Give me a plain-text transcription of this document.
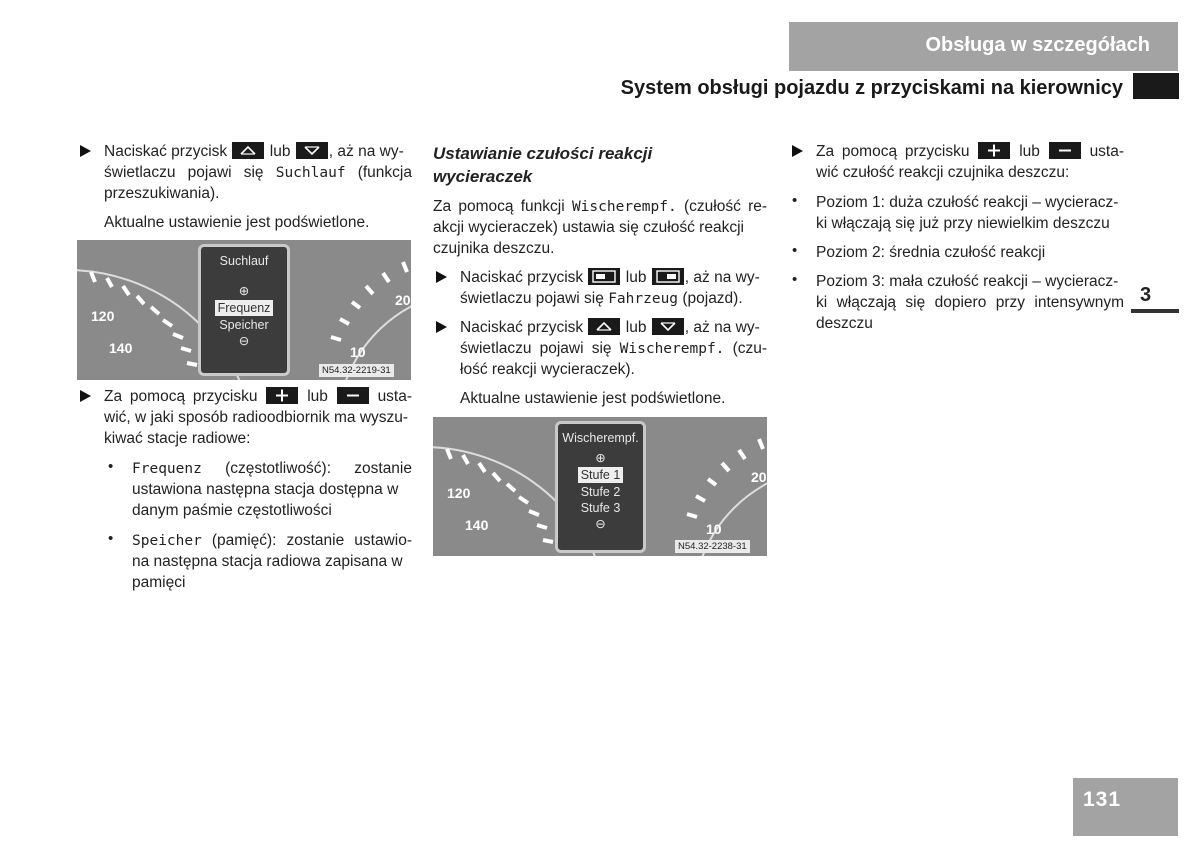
Obsługa w szczegółach
System obsługi pojazdu z przyciskami na kierownicy
3
131
Naciskać przycisk	lub , aż na wy-
świetlaczu pojawi się Suchlauf (funkcja
przeszukiwania).
Aktualne ustawienie jest podświetlone.
120
140
20
10
Suchlauf
⊕
Frequenz
Speicher
⊖
N54.32-2219-31
Za pomocą przycisku	lub	usta-
wić, w jaki sposób radioodbiornik ma wyszu-
kiwać stacje radiowe:
• Frequenz (częstotliwość): zostanie
ustawiona następna stacja dostępna w
danym paśmie częstotliwości
• Speicher (pamięć): zostanie ustawio-
na następna stacja radiowa zapisana w
pamięci
Ustawianie czułości reakcji
wycieraczek
Za pomocą funkcji Wischerempf. (czułość re-
akcji wycieraczek) ustawia się czułość reakcji
czujnika deszczu.
Naciskać przycisk	lub , aż na wy-
świetlaczu pojawi się Fahrzeug (pojazd).
Naciskać przycisk	lub , aż na wy-
świetlaczu pojawi się Wischerempf. (czu-
łość reakcji wycieraczek).
Aktualne ustawienie jest podświetlone.
120
140
20
10
Wischerempf.
⊕
Stufe 1
Stufe 2
Stufe 3
⊖
N54.32-2238-31
Za pomocą przycisku	lub	usta-
wić czułość reakcji czujnika deszczu:
• Poziom 1: duża czułość reakcji – wycieracz-
ki włączają się już przy niewielkim deszczu
• Poziom 2: średnia czułość reakcji
• Poziom 3: mała czułość reakcji – wycieracz-
ki włączają się dopiero przy intensywnym
deszczu
